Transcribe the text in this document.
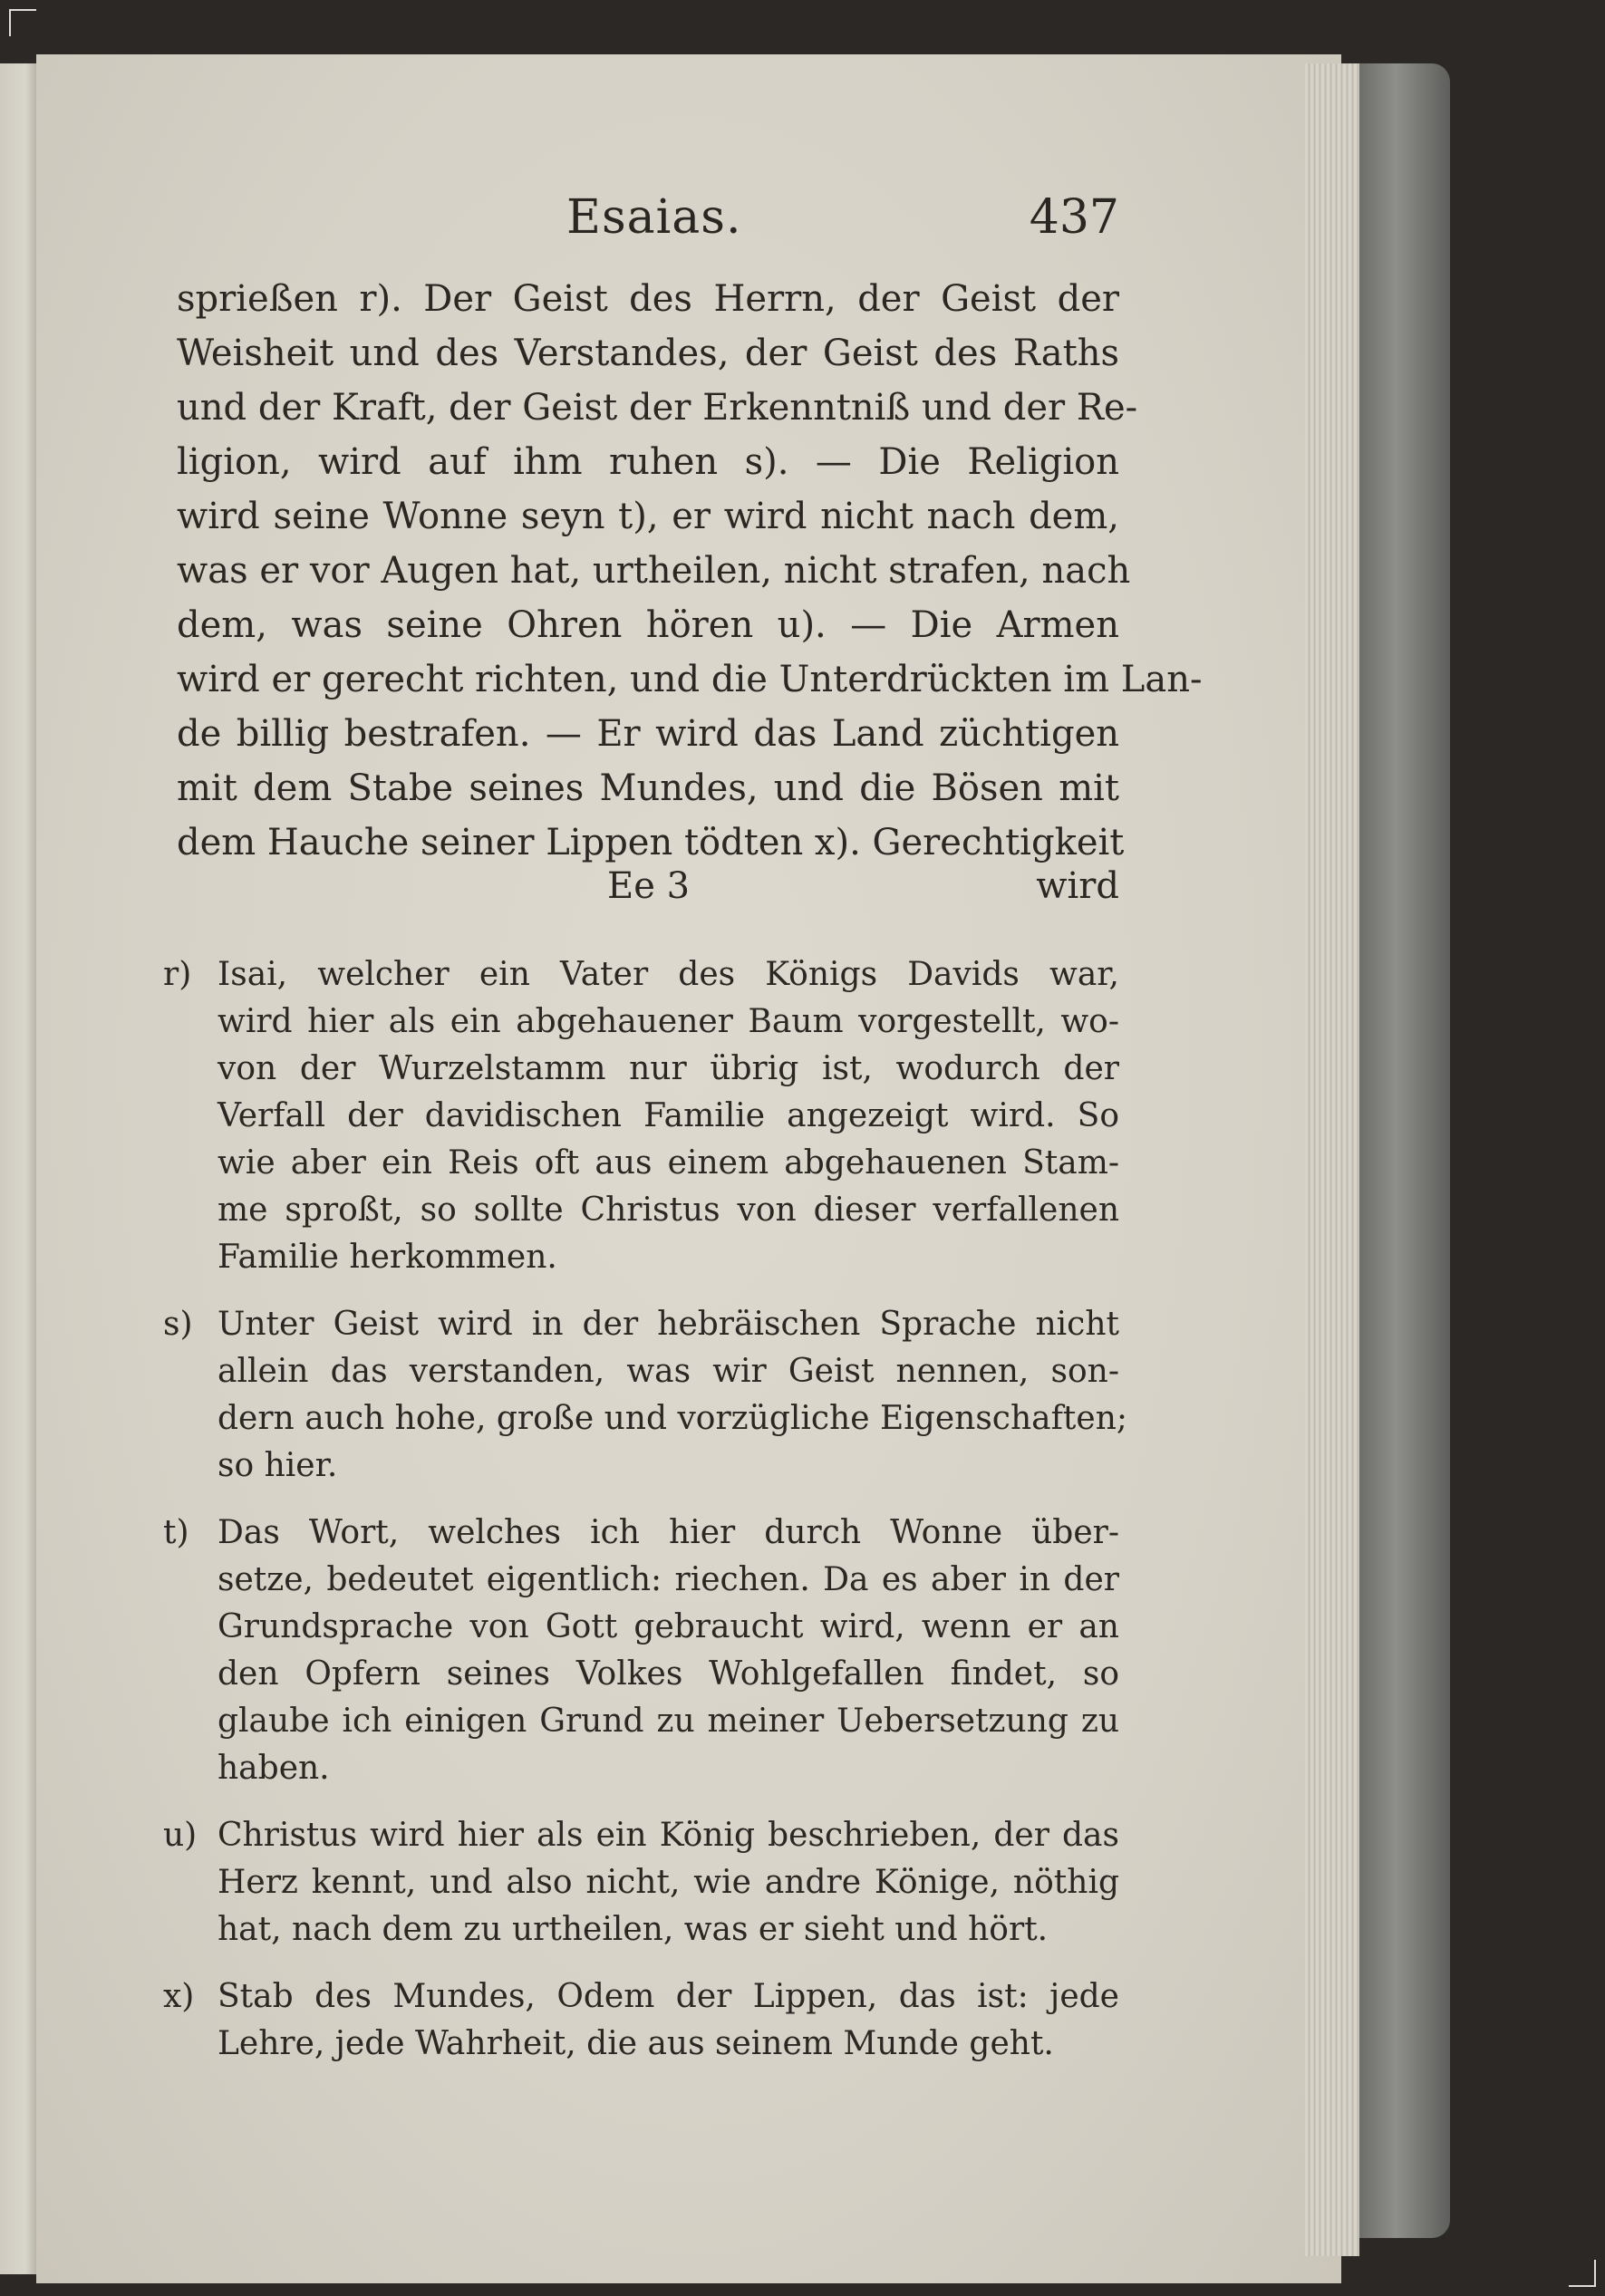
Esaias.	437
sprießen r). Der Geist des Herrn, der Geist der
Weisheit und des Verstandes, der Geist des Raths
und der Kraft, der Geist der Erkenntniß und der Re-
ligion, wird auf ihm ruhen s). — Die Religion
wird seine Wonne seyn t), er wird nicht nach dem,
was er vor Augen hat, urtheilen, nicht strafen, nach
dem, was seine Ohren hören u). — Die Armen
wird er gerecht richten, und die Unterdrückten im Lan-
de billig bestrafen. — Er wird das Land züchtigen
mit dem Stabe seines Mundes, und die Bösen mit
dem Hauche seiner Lippen tödten x). Gerechtigkeit
Ee 3	wird
r) Isai, welcher ein Vater des Königs Davids war,
wird hier als ein abgehauener Baum vorgestellt, wo-
von der Wurzelstamm nur übrig ist, wodurch der
Verfall der davidischen Familie angezeigt wird. So
wie aber ein Reis oft aus einem abgehauenen Stam-
me sproßt, so sollte Christus von dieser verfallenen
Familie herkommen.
s) Unter Geist wird in der hebräischen Sprache nicht
allein das verstanden, was wir Geist nennen, son-
dern auch hohe, große und vorzügliche Eigenschaften;
so hier.
t) Das Wort, welches ich hier durch Wonne über-
setze, bedeutet eigentlich: riechen. Da es aber in der
Grundsprache von Gott gebraucht wird, wenn er an
den Opfern seines Volkes Wohlgefallen findet, so
glaube ich einigen Grund zu meiner Uebersetzung zu
haben.
u) Christus wird hier als ein König beschrieben, der das
Herz kennt, und also nicht, wie andre Könige, nöthig
hat, nach dem zu urtheilen, was er sieht und hört.
x) Stab des Mundes, Odem der Lippen, das ist: jede
Lehre, jede Wahrheit, die aus seinem Munde geht.
